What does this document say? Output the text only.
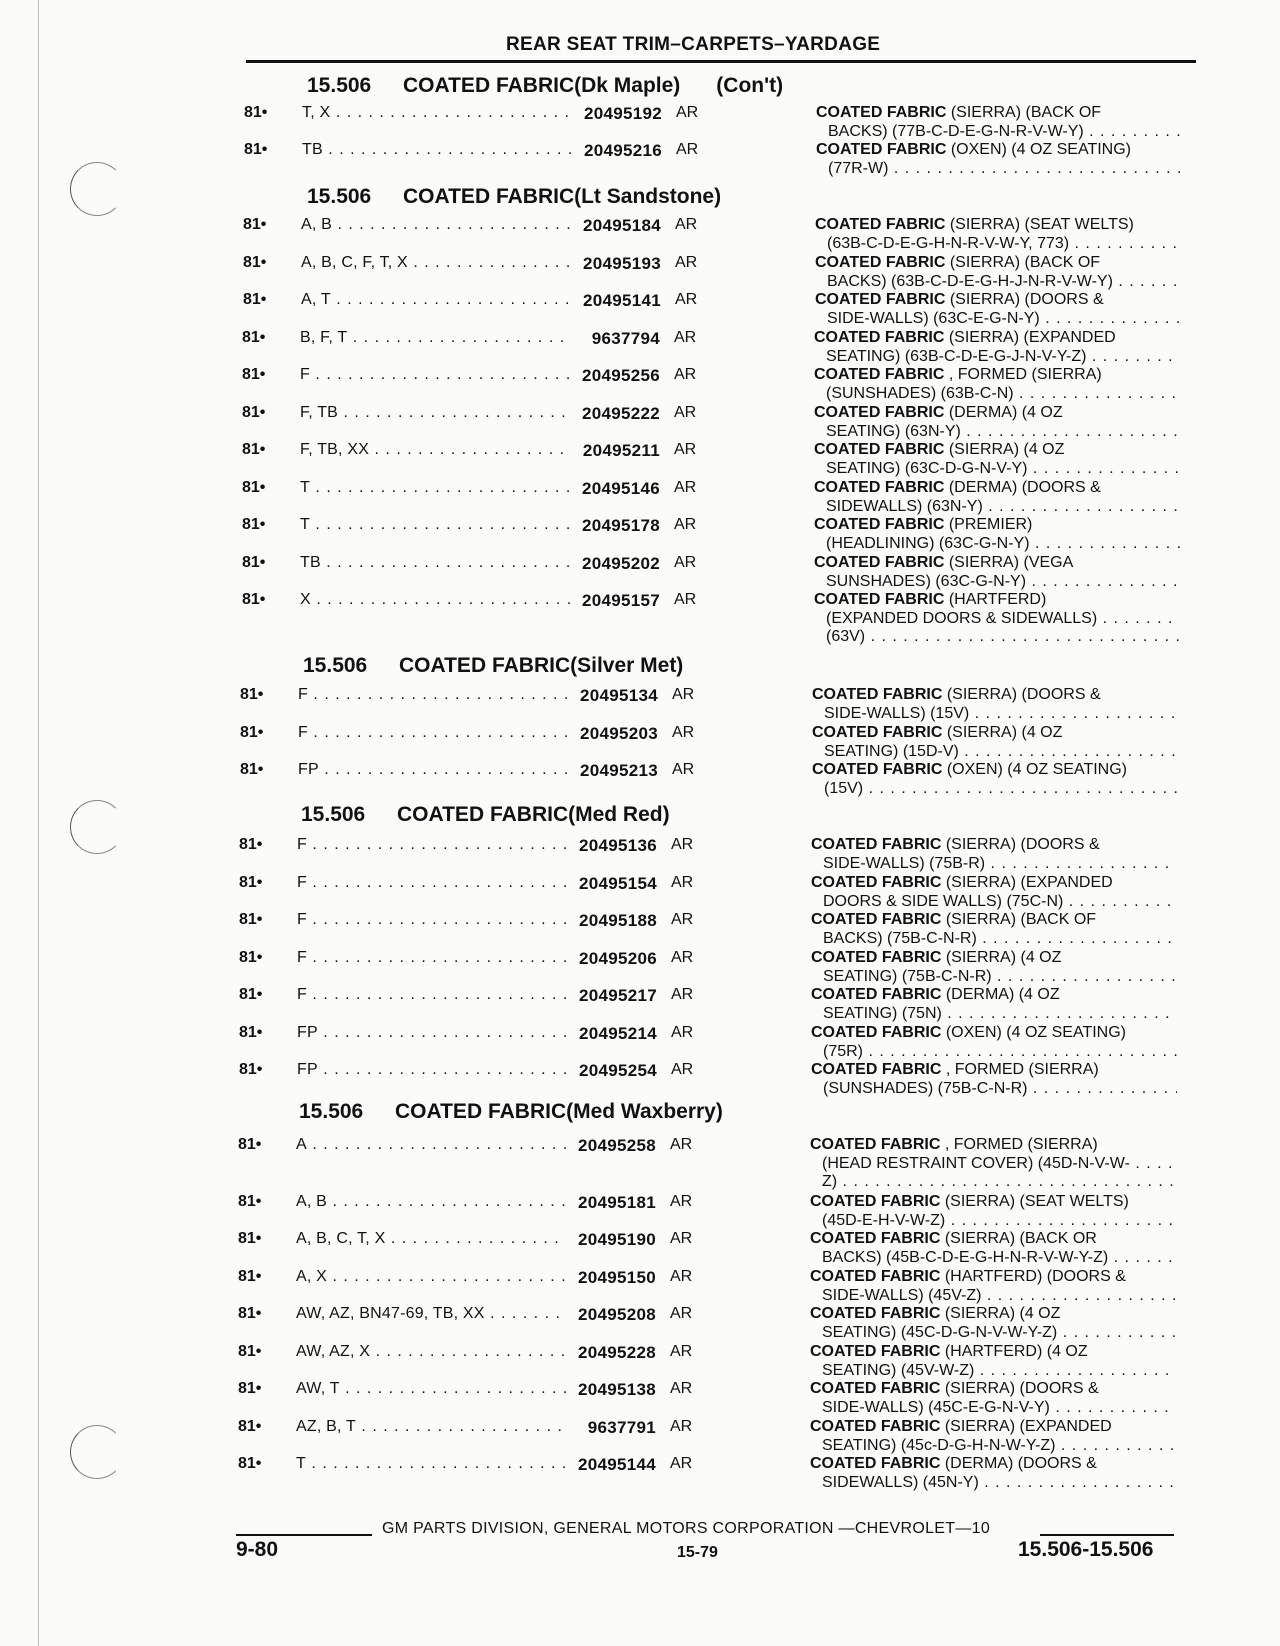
REAR SEAT TRIM–CARPETS–YARDAGE
15.506 COATED FABRIC(Dk Maple) (Con't)
15.506 COATED FABRIC(Lt Sandstone)
15.506 COATED FABRIC(Silver Met)
15.506 COATED FABRIC(Med Red)
15.506 COATED FABRIC(Med Waxberry)
81•	T, X . . .	20495192 AR	COATED FABRIC (SIERRA) (BACK OF
BACKS) (77B-C-D-E-G-N-R-V-W-Y) . . .
81•	TB . . .	20495216 AR	COATED FABRIC (OXEN) (4 OZ SEATING)
(77R-W) . . .
81•	A, B . . .	20495184 AR	COATED FABRIC (SIERRA) (SEAT WELTS)
(63B-C-D-E-G-H-N-R-V-W-Y, 773) . . .
81•	A, B, C, F, T, X . . .	20495193 AR	COATED FABRIC (SIERRA) (BACK OF
BACKS) (63B-C-D-E-G-H-J-N-R-V-W-Y) . . .
81•	A, T . . .	20495141 AR	COATED FABRIC (SIERRA) (DOORS &
SIDE-WALLS) (63C-E-G-N-Y) . . .
81•	B, F, T . . .	9637794 AR	COATED FABRIC (SIERRA) (EXPANDED
SEATING) (63B-C-D-E-G-J-N-V-Y-Z) . . .
81•	F . . .	20495256 AR	COATED FABRIC , FORMED (SIERRA)
(SUNSHADES) (63B-C-N) . . .
81•	F, TB . . .	20495222 AR	COATED FABRIC (DERMA) (4 OZ
SEATING) (63N-Y) . . .
81•	F, TB, XX . . .	20495211 AR	COATED FABRIC (SIERRA) (4 OZ
SEATING) (63C-D-G-N-V-Y) . . .
81•	T . . .	20495146 AR	COATED FABRIC (DERMA) (DOORS &
SIDEWALLS) (63N-Y) . . .
81•	T . . .	20495178 AR	COATED FABRIC (PREMIER)
(HEADLINING) (63C-G-N-Y) . . .
81•	TB . . .	20495202 AR	COATED FABRIC (SIERRA) (VEGA
SUNSHADES) (63C-G-N-Y) . . .
81•	X . . .	20495157 AR	COATED FABRIC (HARTFERD)
(EXPANDED DOORS & SIDEWALLS) . . .
(63V) . . .
81•	F . . .	20495134 AR	COATED FABRIC (SIERRA) (DOORS &
SIDE-WALLS) (15V) . . .
81•	F . . .	20495203 AR	COATED FABRIC (SIERRA) (4 OZ
SEATING) (15D-V) . . .
81•	FP . . .	20495213 AR	COATED FABRIC (OXEN) (4 OZ SEATING)
(15V) . . .
81•	F . . .	20495136 AR	COATED FABRIC (SIERRA) (DOORS &
SIDE-WALLS) (75B-R) . . .
81•	F . . .	20495154 AR	COATED FABRIC (SIERRA) (EXPANDED
DOORS & SIDE WALLS) (75C-N) . . .
81•	F . . .	20495188 AR	COATED FABRIC (SIERRA) (BACK OF
BACKS) (75B-C-N-R) . . .
81•	F . . .	20495206 AR	COATED FABRIC (SIERRA) (4 OZ
SEATING) (75B-C-N-R) . . .
81•	F . . .	20495217 AR	COATED FABRIC (DERMA) (4 OZ
SEATING) (75N) . . .
81•	FP . . .	20495214 AR	COATED FABRIC (OXEN) (4 OZ SEATING)
(75R) . . .
81•	FP . . .	20495254 AR	COATED FABRIC , FORMED (SIERRA)
(SUNSHADES) (75B-C-N-R) . . .
81•	A . . .	20495258 AR	COATED FABRIC , FORMED (SIERRA)
(HEAD RESTRAINT COVER) (45D-N-V-W- . . .
Z) . . .
81•	A, B . . .	20495181 AR	COATED FABRIC (SIERRA) (SEAT WELTS)
(45D-E-H-V-W-Z) . . .
81•	A, B, C, T, X . . .	20495190 AR	COATED FABRIC (SIERRA) (BACK OR
BACKS) (45B-C-D-E-G-H-N-R-V-W-Y-Z) . . .
81•	A, X . . .	20495150 AR	COATED FABRIC (HARTFERD) (DOORS &
SIDE-WALLS) (45V-Z) . . .
81•	AW, AZ, BN47-69, TB, XX . . .	20495208 AR	COATED FABRIC (SIERRA) (4 OZ
SEATING) (45C-D-G-N-V-W-Y-Z) . . .
81•	AW, AZ, X . . .	20495228 AR	COATED FABRIC (HARTFERD) (4 OZ
SEATING) (45V-W-Z) . . .
81•	AW, T . . .	20495138 AR	COATED FABRIC (SIERRA) (DOORS &
SIDE-WALLS) (45C-E-G-N-V-Y) . . .
81•	AZ, B, T . . .	9637791 AR	COATED FABRIC (SIERRA) (EXPANDED
SEATING) (45c-D-G-H-N-W-Y-Z) . . .
81•	T . . .	20495144 AR	COATED FABRIC (DERMA) (DOORS &
SIDEWALLS) (45N-Y) . . .
GM PARTS DIVISION, GENERAL MOTORS CORPORATION —CHEVROLET—10
9-80	15-79	15.506-15.506
